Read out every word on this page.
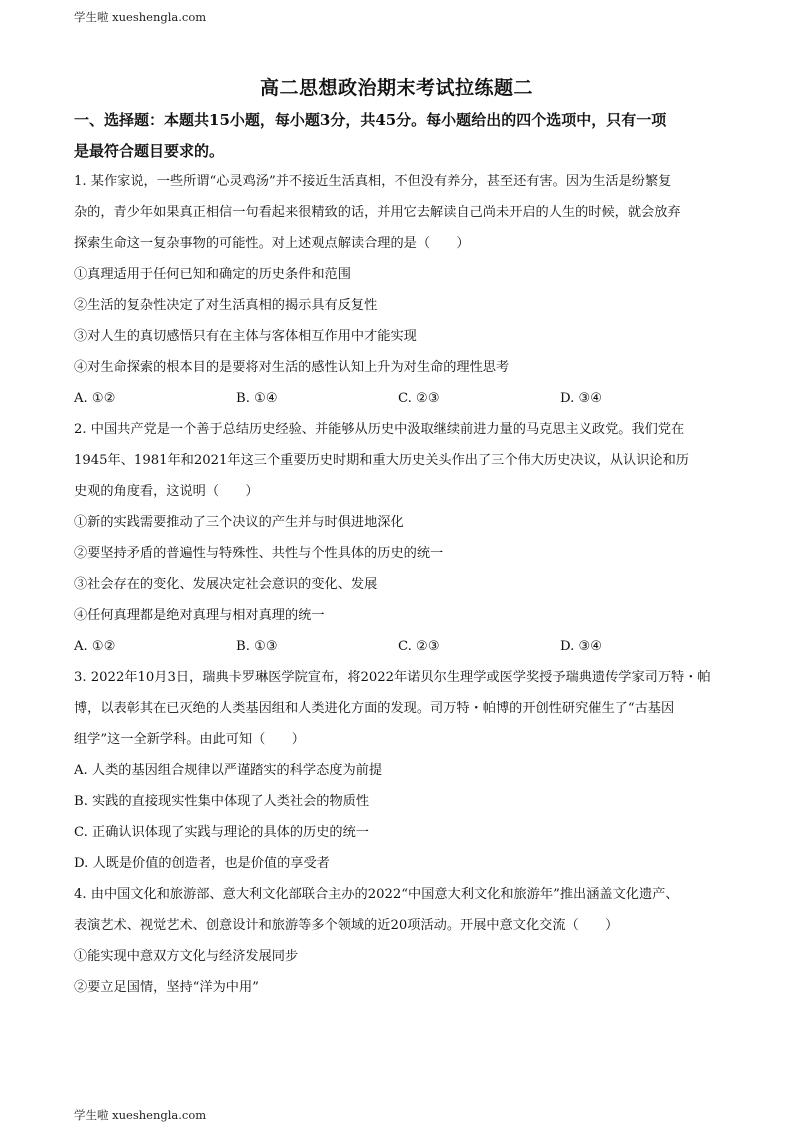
学生啦 xueshengla.com
高二思想政治期末考试拉练题二
一、选择题：本题共15小题，每小题3分，共45分。每小题给出的四个选项中，只有一项
是最符合题目要求的。
1. 某作家说，一些所谓“心灵鸡汤”并不接近生活真相，不但没有养分，甚至还有害。因为生活是纷繁复
杂的，青少年如果真正相信一句看起来很精致的话，并用它去解读自己尚未开启的人生的时候，就会放弃
探索生命这一复杂事物的可能性。对上述观点解读合理的是（　　）
①真理适用于任何已知和确定的历史条件和范围
②生活的复杂性决定了对生活真相的揭示具有反复性
③对人生的真切感悟只有在主体与客体相互作用中才能实现
④对生命探索的根本目的是要将对生活的感性认知上升为对生命的理性思考
A. ①②	B. ①④	C. ②③	D. ③④
2. 中国共产党是一个善于总结历史经验、并能够从历史中汲取继续前进力量的马克思主义政党。我们党在
1945年、1981年和2021年这三个重要历史时期和重大历史关头作出了三个伟大历史决议，从认识论和历
史观的角度看，这说明（　　）
①新的实践需要推动了三个决议的产生并与时俱进地深化
②要坚持矛盾的普遍性与特殊性、共性与个性具体的历史的统一
③社会存在的变化、发展决定社会意识的变化、发展
④任何真理都是绝对真理与相对真理的统一
A. ①②	B. ①③	C. ②③	D. ③④
3. 2022年10月3日，瑞典卡罗琳医学院宣布，将2022年诺贝尔生理学或医学奖授予瑞典遗传学家司万特・帕
博，以表彰其在已灭绝的人类基因组和人类进化方面的发现。司万特・帕博的开创性研究催生了“古基因
组学”这一全新学科。由此可知（　　）
A. 人类的基因组合规律以严谨踏实的科学态度为前提
B. 实践的直接现实性集中体现了人类社会的物质性
C. 正确认识体现了实践与理论的具体的历史的统一
D. 人既是价值的创造者，也是价值的享受者
4. 由中国文化和旅游部、意大利文化部联合主办的2022“中国意大利文化和旅游年”推出涵盖文化遗产、
表演艺术、视觉艺术、创意设计和旅游等多个领域的近20项活动。开展中意文化交流（　　）
①能实现中意双方文化与经济发展同步
②要立足国情，坚持“洋为中用”
学生啦 xueshengla.com
